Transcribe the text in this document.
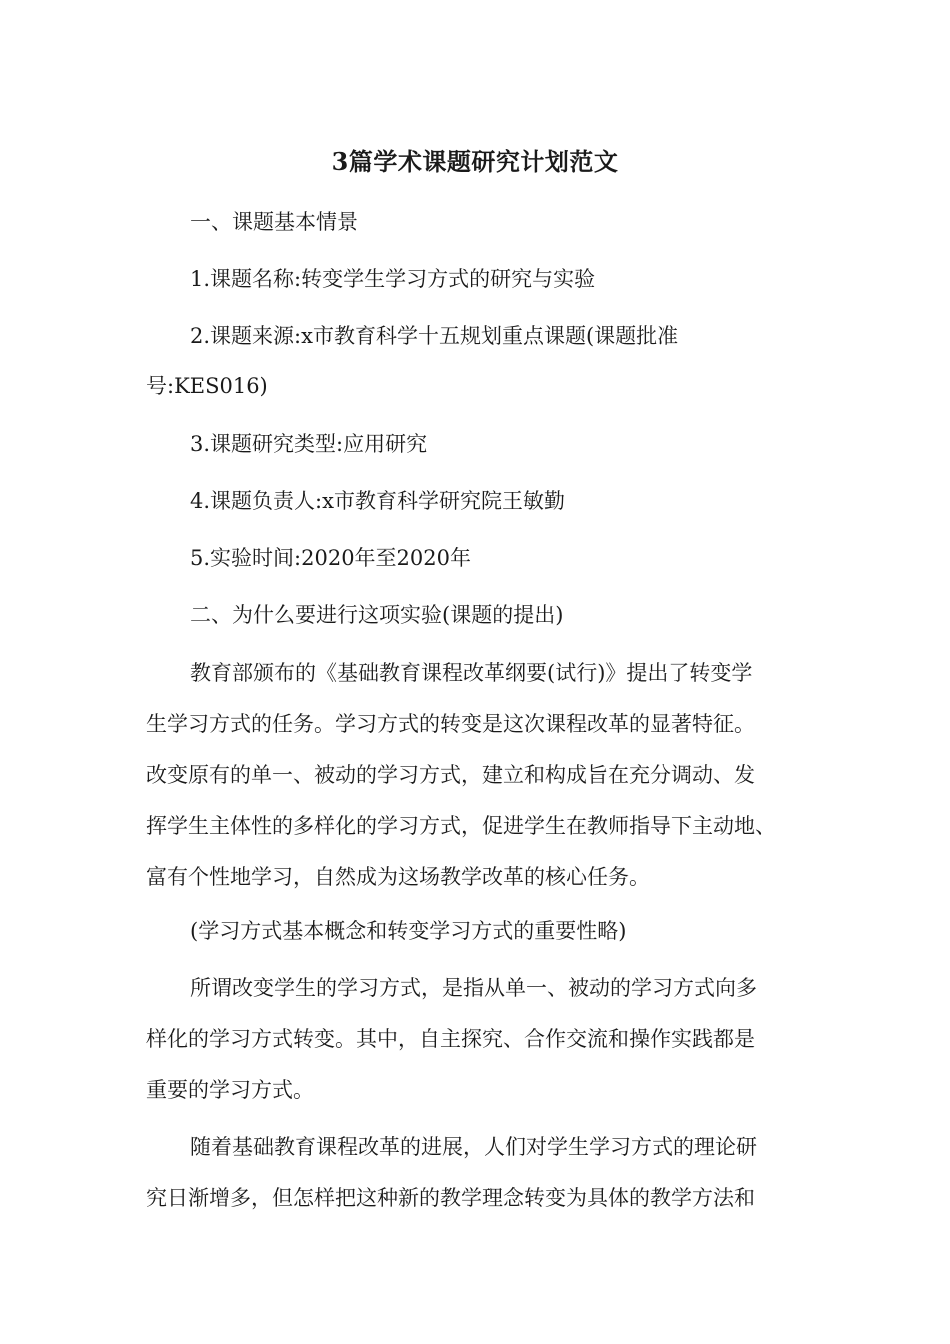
3篇学术课题研究计划范文
一、课题基本情景
1.课题名称:转变学生学习方式的研究与实验
2.课题来源:x市教育科学十五规划重点课题(课题批准
号:KES016)
3.课题研究类型:应用研究
4.课题负责人:x市教育科学研究院王敏勤
5.实验时间:2020年至2020年
二、为什么要进行这项实验(课题的提出)
教育部颁布的《基础教育课程改革纲要(试行)》提出了转变学
生学习方式的任务。学习方式的转变是这次课程改革的显著特征。
改变原有的单一、被动的学习方式，建立和构成旨在充分调动、发
挥学生主体性的多样化的学习方式，促进学生在教师指导下主动地、
富有个性地学习，自然成为这场教学改革的核心任务。
(学习方式基本概念和转变学习方式的重要性略)
所谓改变学生的学习方式，是指从单一、被动的学习方式向多
样化的学习方式转变。其中，自主探究、合作交流和操作实践都是
重要的学习方式。
随着基础教育课程改革的进展，人们对学生学习方式的理论研
究日渐增多，但怎样把这种新的教学理念转变为具体的教学方法和
